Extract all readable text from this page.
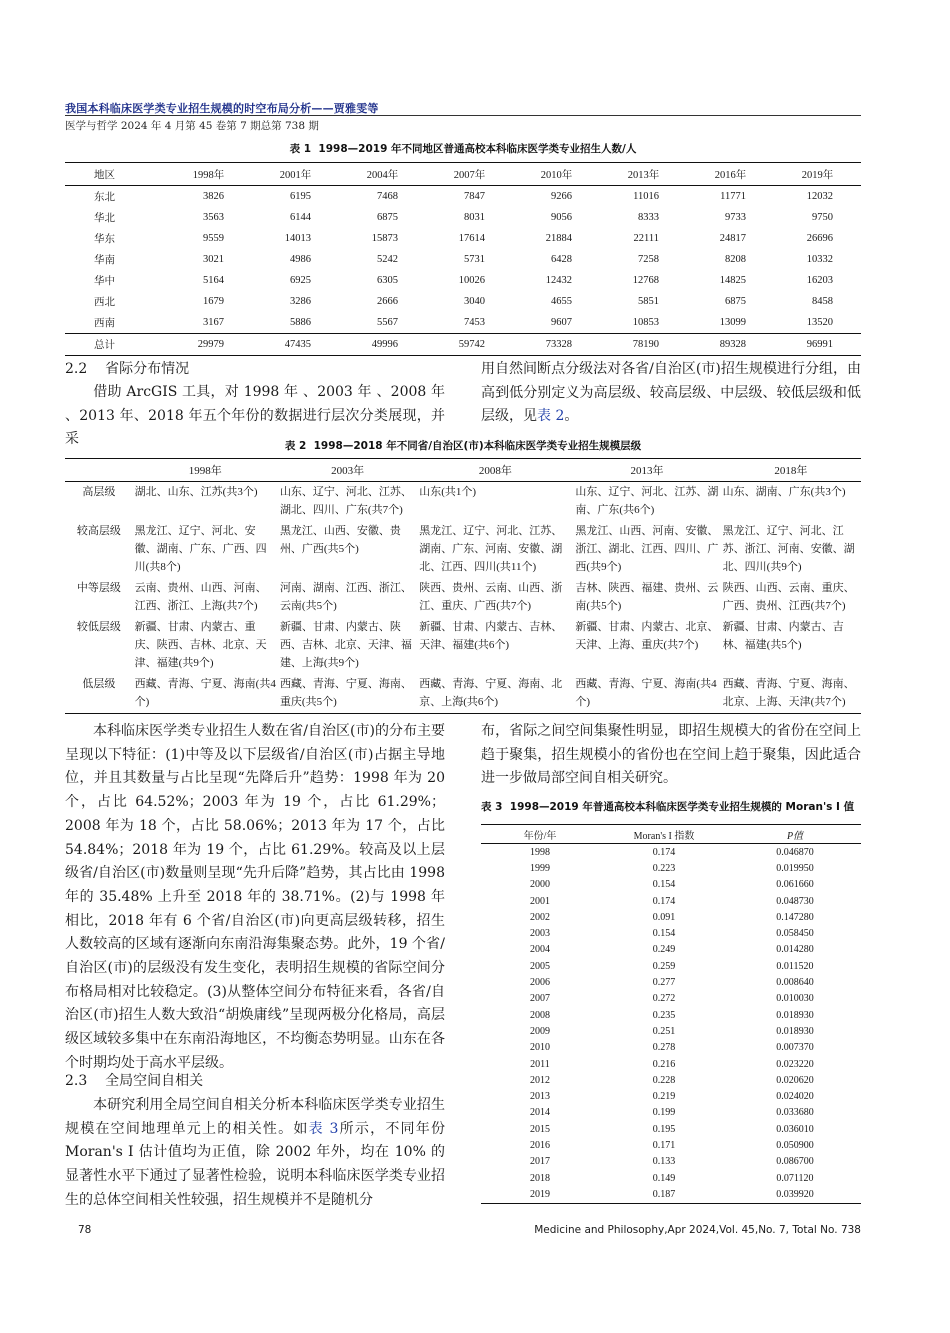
我国本科临床医学类专业招生规模的时空布局分析——贾雅雯等
医学与哲学 2024 年 4 月第 45 卷第 7 期总第 738 期
表 1 1998—2019 年不同地区普通高校本科临床医学类专业招生人数/人
地区	1998年	2001年	2004年	2007年	2010年	2013年	2016年	2019年
东北	3826	6195	7468	7847	9266	11016	11771	12032
华北	3563	6144	6875	8031	9056	8333	9733	9750
华东	9559	14013	15873	17614	21884	22111	24817	26696
华南	3021	4986	5242	5731	6428	7258	8208	10332
华中	5164	6925	6305	10026	12432	12768	14825	16203
西北	1679	3286	2666	3040	4655	5851	6875	8458
西南	3167	5886	5567	7453	9607	10853	13099	13520
总计	29979	47435	49996	59742	73328	78190	89328	96991
2.2 省际分布情况
借助 ArcGIS 工具，对 1998 年 、2003 年 、2008 年 、2013 年、2018 年五个年份的数据进行层次分类展现，并采
用自然间断点分级法对各省/自治区(市)招生规模进行分组，由高到低分别定义为高层级、较高层级、中层级、较低层级和低层级，见表 2。
表 2 1998—2018 年不同省/自治区(市)本科临床医学类专业招生规模层级
	1998年	2003年	2008年	2013年	2018年
高层级	湖北、山东、江苏(共3个)	山东、辽宁、河北、江苏、湖北、四川、广东(共7个)	山东(共1个)	山东、辽宁、河北、江苏、湖南、广东(共6个)	山东、湖南、广东(共3个)
较高层级	黑龙江、辽宁、河北、安徽、湖南、广东、广西、四川(共8个)	黑龙江、山西、安徽、贵州、广西(共5个)	黑龙江、辽宁、河北、江苏、湖南、广东、河南、安徽、湖北、江西、四川(共11个)	黑龙江、山西、河南、安徽、浙江、湖北、江西、四川、广西(共9个)	黑龙江、辽宁、河北、江苏、浙江、河南、安徽、湖北、四川(共9个)
中等层级	云南、贵州、山西、河南、江西、浙江、上海(共7个)	河南、湖南、江西、浙江、云南(共5个)	陕西、贵州、云南、山西、浙江、重庆、广西(共7个)	吉林、陕西、福建、贵州、云南(共5个)	陕西、山西、云南、重庆、广西、贵州、江西(共7个)
较低层级	新疆、甘肃、内蒙古、重庆、陕西、吉林、北京、天津、福建(共9个)	新疆、甘肃、内蒙古、陕西、吉林、北京、天津、福建、上海(共9个)	新疆、甘肃、内蒙古、吉林、天津、福建(共6个)	新疆、甘肃、内蒙古、北京、天津、上海、重庆(共7个)	新疆、甘肃、内蒙古、吉林、福建(共5个)
低层级	西藏、青海、宁夏、海南(共4个)	西藏、青海、宁夏、海南、重庆(共5个)	西藏、青海、宁夏、海南、北京、上海(共6个)	西藏、青海、宁夏、海南(共4个)	西藏、青海、宁夏、海南、北京、上海、天津(共7个)
本科临床医学类专业招生人数在省/自治区(市)的分布主要呈现以下特征：(1)中等及以下层级省/自治区(市)占据主导地位，并且其数量与占比呈现“先降后升”趋势：1998 年为 20 个，占比 64.52%；2003 年为 19 个，占比 61.29%；2008 年为 18 个，占比 58.06%；2013 年为 17 个，占比 54.84%；2018 年为 19 个，占比 61.29%。较高及以上层级省/自治区(市)数量则呈现“先升后降”趋势，其占比由 1998 年的 35.48% 上升至 2018 年的 38.71%。(2)与 1998 年相比，2018 年有 6 个省/自治区(市)向更高层级转移，招生人数较高的区域有逐渐向东南沿海集聚态势。此外，19 个省/自治区(市)的层级没有发生变化，表明招生规模的省际空间分布格局相对比较稳定。(3)从整体空间分布特征来看，各省/自治区(市)招生人数大致沿“胡焕庸线”呈现两极分化格局，高层级区域较多集中在东南沿海地区，不均衡态势明显。山东在各个时期均处于高水平层级。
2.3 全局空间自相关
本研究利用全局空间自相关分析本科临床医学类专业招生规模在空间地理单元上的相关性。如表 3所示，不同年份 Moran's I 估计值均为正值，除 2002 年外，均在 10% 的显著性水平下通过了显著性检验，说明本科临床医学类专业招生的总体空间相关性较强，招生规模并不是随机分
布，省际之间空间集聚性明显，即招生规模大的省份在空间上趋于聚集，招生规模小的省份也在空间上趋于聚集，因此适合进一步做局部空间自相关研究。
表 3 1998—2019 年普通高校本科临床医学类专业招生规模的 Moran's I 值
年份/年	Moran's I 指数	P值
1998	0.174	0.046870
1999	0.223	0.019950
2000	0.154	0.061660
2001	0.174	0.048730
2002	0.091	0.147280
2003	0.154	0.058450
2004	0.249	0.014280
2005	0.259	0.011520
2006	0.277	0.008640
2007	0.272	0.010030
2008	0.235	0.018930
2009	0.251	0.018930
2010	0.278	0.007370
2011	0.216	0.023220
2012	0.228	0.020620
2013	0.219	0.024020
2014	0.199	0.033680
2015	0.195	0.036010
2016	0.171	0.050900
2017	0.133	0.086700
2018	0.149	0.071120
2019	0.187	0.039920
78	Medicine and Philosophy,Apr 2024,Vol. 45,No. 7, Total No. 738
